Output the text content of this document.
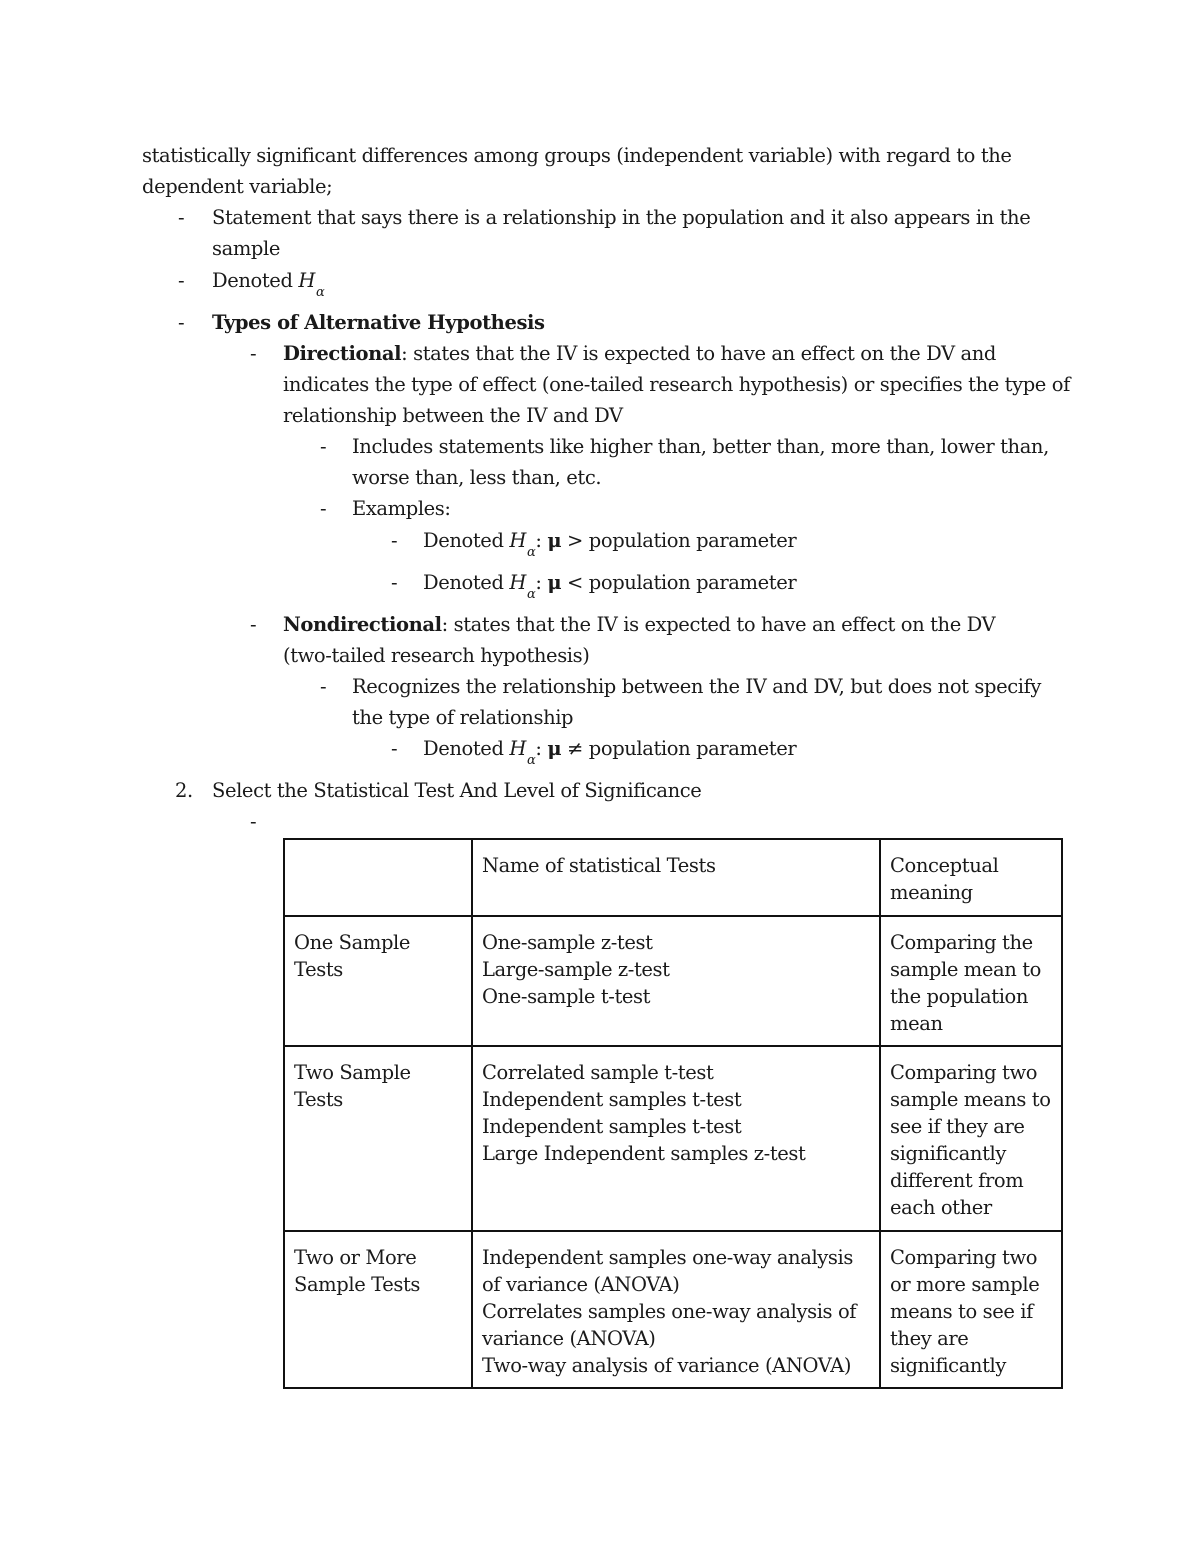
statistically significant differences among groups (independent variable) with regard to the
dependent variable;
- Statement that says there is a relationship in the population and it also appears in the
sample
- Denoted $H_\alpha$
- Types of Alternative Hypothesis
- Directional: states that the IV is expected to have an effect on the DV and
indicates the type of effect (one-tailed research hypothesis) or specifies the type of
relationship between the IV and DV
- Includes statements like higher than, better than, more than, lower than,
worse than, less than, etc.
- Examples:
- Denoted $H_\alpha$: μ > population parameter
- Denoted $H_\alpha$: μ < population parameter
- Nondirectional: states that the IV is expected to have an effect on the DV
(two-tailed research hypothesis)
- Recognizes the relationship between the IV and DV, but does not specify
the type of relationship
- Denoted $H_\alpha$: μ ≠ population parameter
2. Select the Statistical Test And Level of Significance
-
	Name of statistical Tests	Conceptual meaning
One Sample Tests	One-sample z-test
Large-sample z-test
One-sample t-test	Comparing the sample mean to the population mean
Two Sample Tests	Correlated sample t-test
Independent samples t-test
Independent samples t-test
Large Independent samples z-test	Comparing two sample means to see if they are significantly different from each other
Two or More Sample Tests	Independent samples one-way analysis of variance (ANOVA)
Correlates samples one-way analysis of variance (ANOVA)
Two-way analysis of variance (ANOVA)	Comparing two or more sample means to see if they are significantly
